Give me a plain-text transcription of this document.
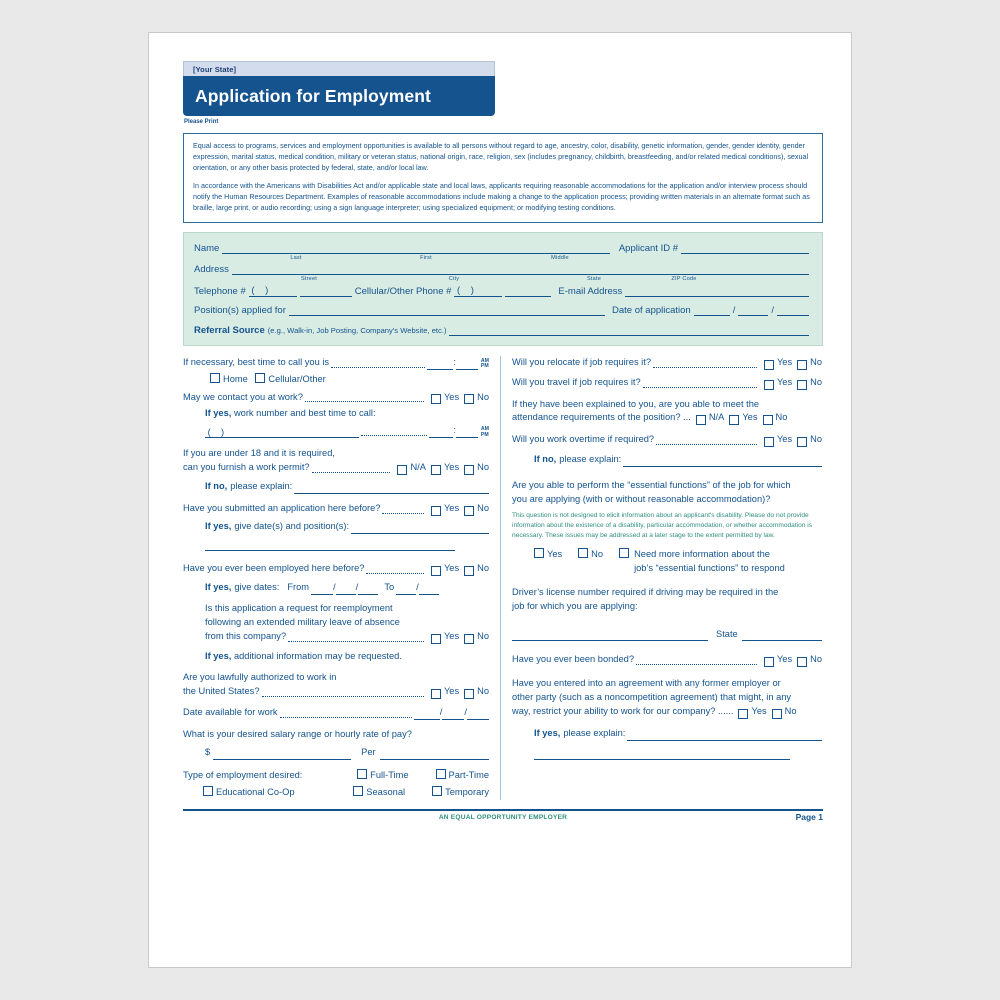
[Your State]
Application for Employment
Please Print

Equal access to programs, services and employment opportunities is available to all persons without regard to age, ancestry, color, disability, genetic information, gender, gender identity, gender expression, marital status, medical condition, military or veteran status, national origin, race, religion, sex (includes pregnancy, childbirth, breastfeeding, and/or related medical conditions), sexual orientation, or any other basis protected by federal, state, and/or local law.

In accordance with the Americans with Disabilities Act and/or applicable state and local laws, applicants requiring reasonable accommodations for the application and/or interview process should notify the Human Resources Department. Examples of reasonable accommodations include making a change to the application process; providing written materials in an alternate format such as braille, large print, or audio recording; using a sign language interpreter; using specialized equipment; or modifying testing conditions.

Name	Applicant ID #
Last	First	Middle
Address
Street	City	State	ZIP Code
Telephone # (    )	Cellular/Other Phone # (    )	E-mail Address
Position(s) applied for	Date of application	/	/
Referral Source (e.g., Walk-in, Job Posting, Company's Website, etc.)
If necessary, best time to call you is	:	AM
PM
Home Cellular/Other
May we contact you at work?	Yes No
If yes, work number and best time to call:
(    )	:	AM
PM
If you are under 18 and it is required,
can you furnish a work permit?	N/A Yes No
If no, please explain:
Have you submitted an application here before?	Yes No
If yes, give date(s) and position(s):
Have you ever been employed here before?	Yes No
If yes, give dates: From	/ /	To /
Is this application a request for reemployment
following an extended military leave of absence
from this company?	Yes No
If yes, additional information may be requested.
Are you lawfully authorized to work in
the United States?	Yes No
Date available for work	/ /
What is your desired salary range or hourly rate of pay?
$	Per
Type of employment desired:	Full-Time	Part-Time
Educational Co-Op	Seasonal	Temporary
Will you relocate if job requires it?	Yes No
Will you travel if job requires it?	Yes No
If they have been explained to you, are you able to meet the
attendance requirements of the position? ... N/A Yes No
Will you work overtime if required?	Yes No
If no, please explain:
Are you able to perform the “essential functions” of the job for which
you are applying (with or without reasonable accommodation)?
This question is not designed to elicit information about an applicant’s disability. Please do not provide information about the existence of a disability, particular accommodation, or whether accommodation is necessary. These issues may be addressed at a later stage to the extent permitted by law.
Yes	No	Need more information about the
job’s “essential functions” to respond
Driver’s license number required if driving may be required in the
job for which you are applying:
State
Have you ever been bonded?	Yes No
Have you entered into an agreement with any former employer or
other party (such as a noncompetition agreement) that might, in any
way, restrict your ability to work for our company? ...... Yes No
If yes, please explain:
AN EQUAL OPPORTUNITY EMPLOYER	Page 1
